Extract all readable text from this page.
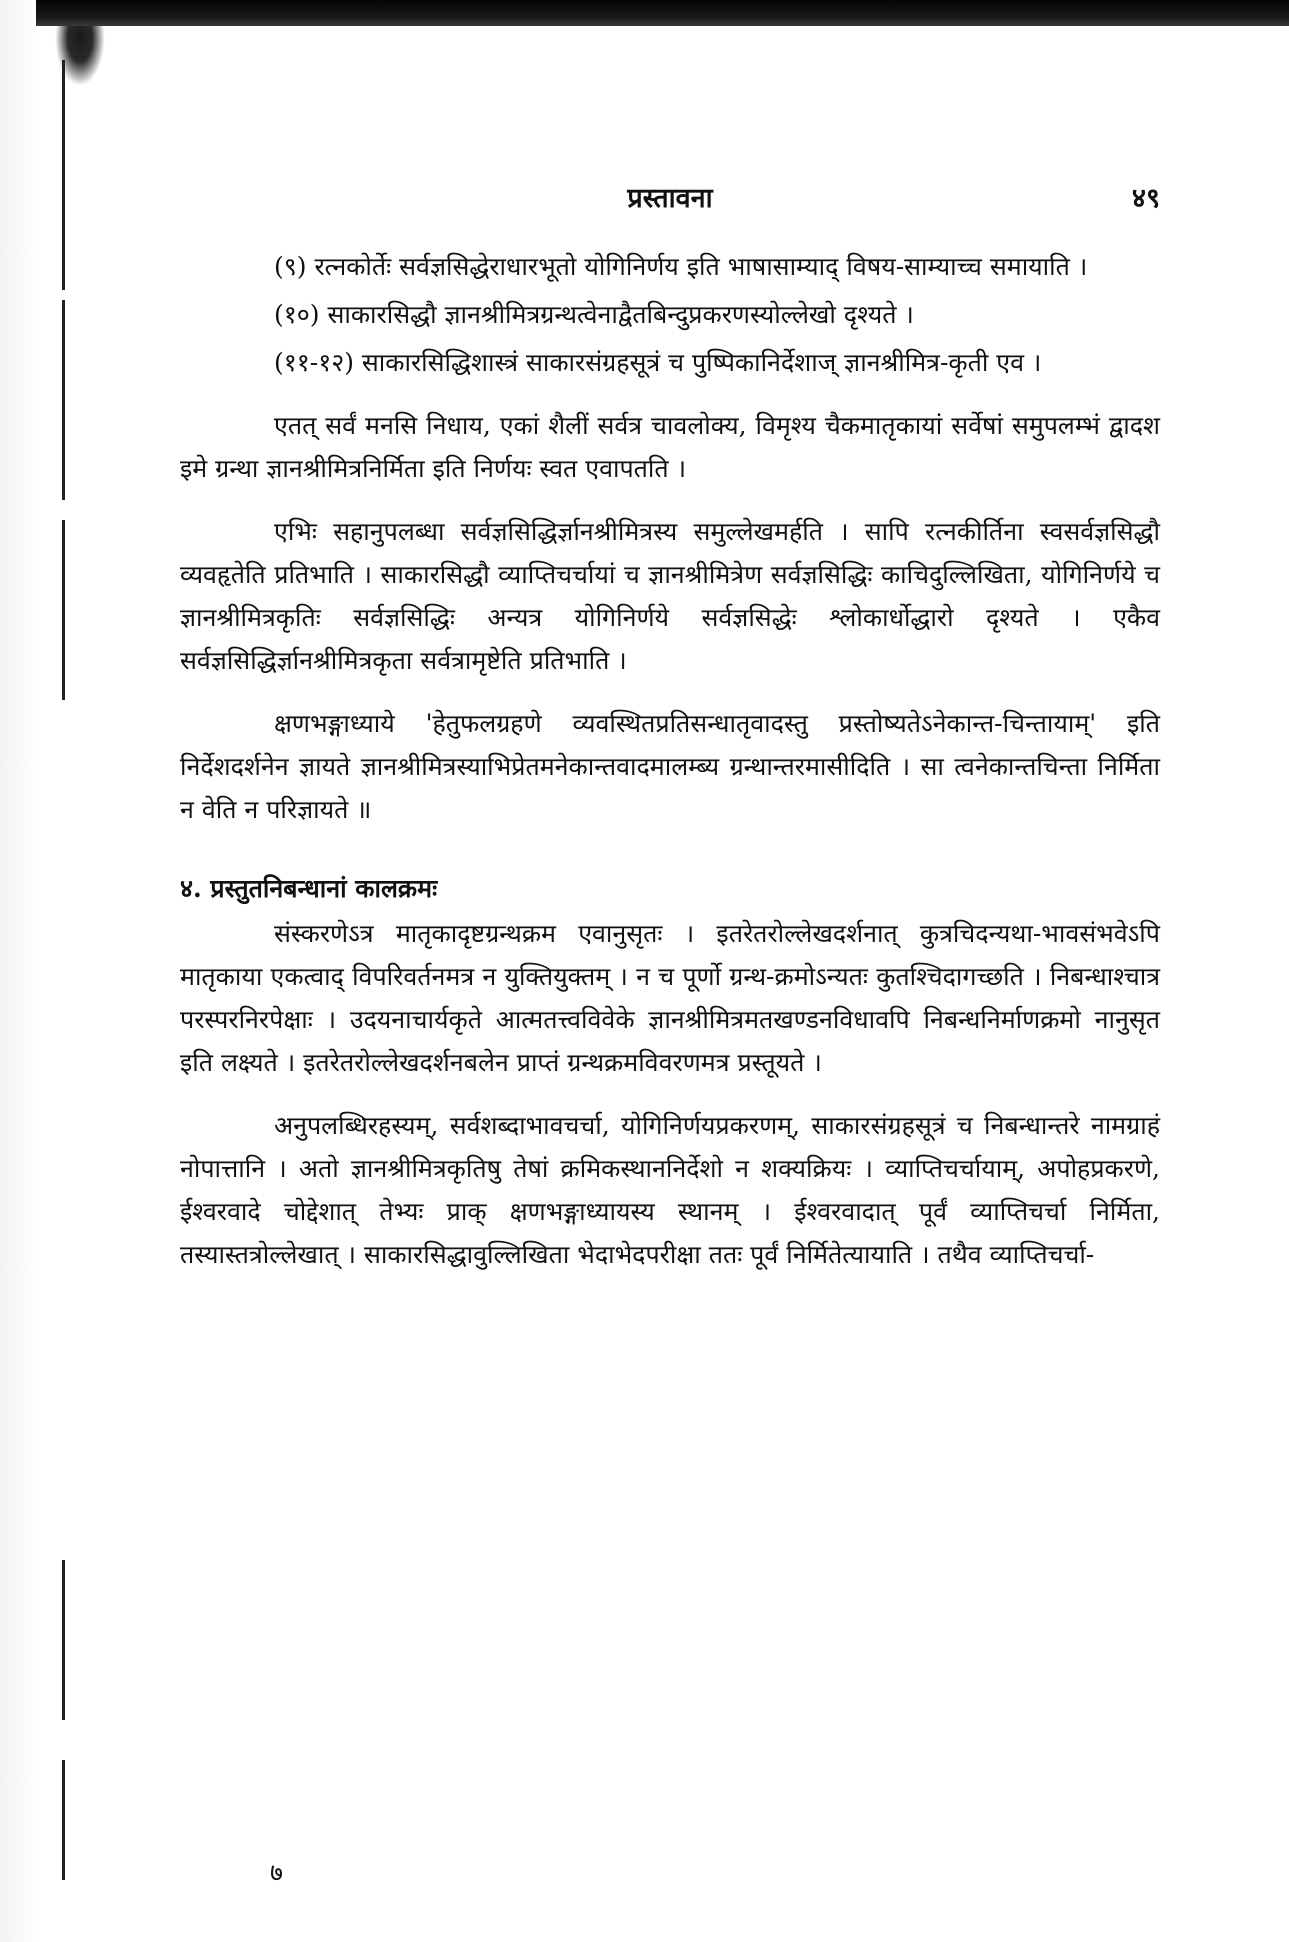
प्रस्तावना	४९

(९) रत्नकोर्तेः सर्वज्ञसिद्धेराधारभूतो योगिनिर्णय इति भाषासाम्याद् विषय-साम्याच्च समायाति ।

(१०) साकारसिद्धौ ज्ञानश्रीमित्रग्रन्थत्वेनाद्वैतबिन्दुप्रकरणस्योल्लेखो दृश्यते ।

(११-१२) साकारसिद्धिशास्त्रं साकारसंग्रहसूत्रं च पुष्पिकानिर्देशाज् ज्ञानश्रीमित्र-कृती एव ।

एतत् सर्वं मनसि निधाय, एकां शैलीं सर्वत्र चावलोक्य, विमृश्य चैकमातृकायां सर्वेषां समुपलम्भं द्वादश इमे ग्रन्था ज्ञानश्रीमित्रनिर्मिता इति निर्णयः स्वत एवापतति ।

एभिः सहानुपलब्धा सर्वज्ञसिद्धिर्ज्ञानश्रीमित्रस्य समुल्लेखमर्हति । सापि रत्नकीर्तिना स्वसर्वज्ञसिद्धौ व्यवहृतेति प्रतिभाति । साकारसिद्धौ व्याप्तिचर्चायां च ज्ञानश्रीमित्रेण सर्वज्ञसिद्धिः काचिदुल्लिखिता, योगिनिर्णये च ज्ञानश्रीमित्रकृतिः सर्वज्ञसिद्धिः अन्यत्र योगिनिर्णये सर्वज्ञसिद्धेः श्लोकार्धोद्धारो दृश्यते । एकैव सर्वज्ञसिद्धिर्ज्ञानश्रीमित्रकृता सर्वत्रामृष्टेति प्रतिभाति ।

क्षणभङ्गाध्याये 'हेतुफलग्रहणे व्यवस्थितप्रतिसन्धातृवादस्तु प्रस्तोष्यतेऽनेकान्त-चिन्तायाम्' इति निर्देशदर्शनेन ज्ञायते ज्ञानश्रीमित्रस्याभिप्रेतमनेकान्तवादमालम्ब्य ग्रन्थान्तरमासीदिति । सा त्वनेकान्तचिन्ता निर्मिता न वेति न परिज्ञायते ॥

४. प्रस्तुतनिबन्धानां कालक्रमः

संस्करणेऽत्र मातृकादृष्टग्रन्थक्रम एवानुसृतः । इतरेतरोल्लेखदर्शनात् कुत्रचिदन्यथा-भावसंभवेऽपि मातृकाया एकत्वाद् विपरिवर्तनमत्र न युक्तियुक्तम् । न च पूर्णो ग्रन्थ-क्रमोऽन्यतः कुतश्चिदागच्छति । निबन्धाश्चात्र परस्परनिरपेक्षाः । उदयनाचार्यकृते आत्मतत्त्वविवेके ज्ञानश्रीमित्रमतखण्डनविधावपि निबन्धनिर्माणक्रमो नानुसृत इति लक्ष्यते । इतरेतरोल्लेखदर्शनबलेन प्राप्तं ग्रन्थक्रमविवरणमत्र प्रस्तूयते ।

अनुपलब्धिरहस्यम्, सर्वशब्दाभावचर्चा, योगिनिर्णयप्रकरणम्, साकारसंग्रहसूत्रं च निबन्धान्तरे नामग्राहं नोपात्तानि । अतो ज्ञानश्रीमित्रकृतिषु तेषां क्रमिकस्थाननिर्देशो न शक्यक्रियः । व्याप्तिचर्चायाम्, अपोहप्रकरणे, ईश्वरवादे चोद्देशात् तेभ्यः प्राक् क्षणभङ्गाध्यायस्य स्थानम् । ईश्वरवादात् पूर्वं व्याप्तिचर्चा निर्मिता, तस्यास्तत्रोल्लेखात् । साकारसिद्धावुल्लिखिता भेदाभेदपरीक्षा ततः पूर्वं निर्मितेत्यायाति । तथैव व्याप्तिचर्चा-

७
